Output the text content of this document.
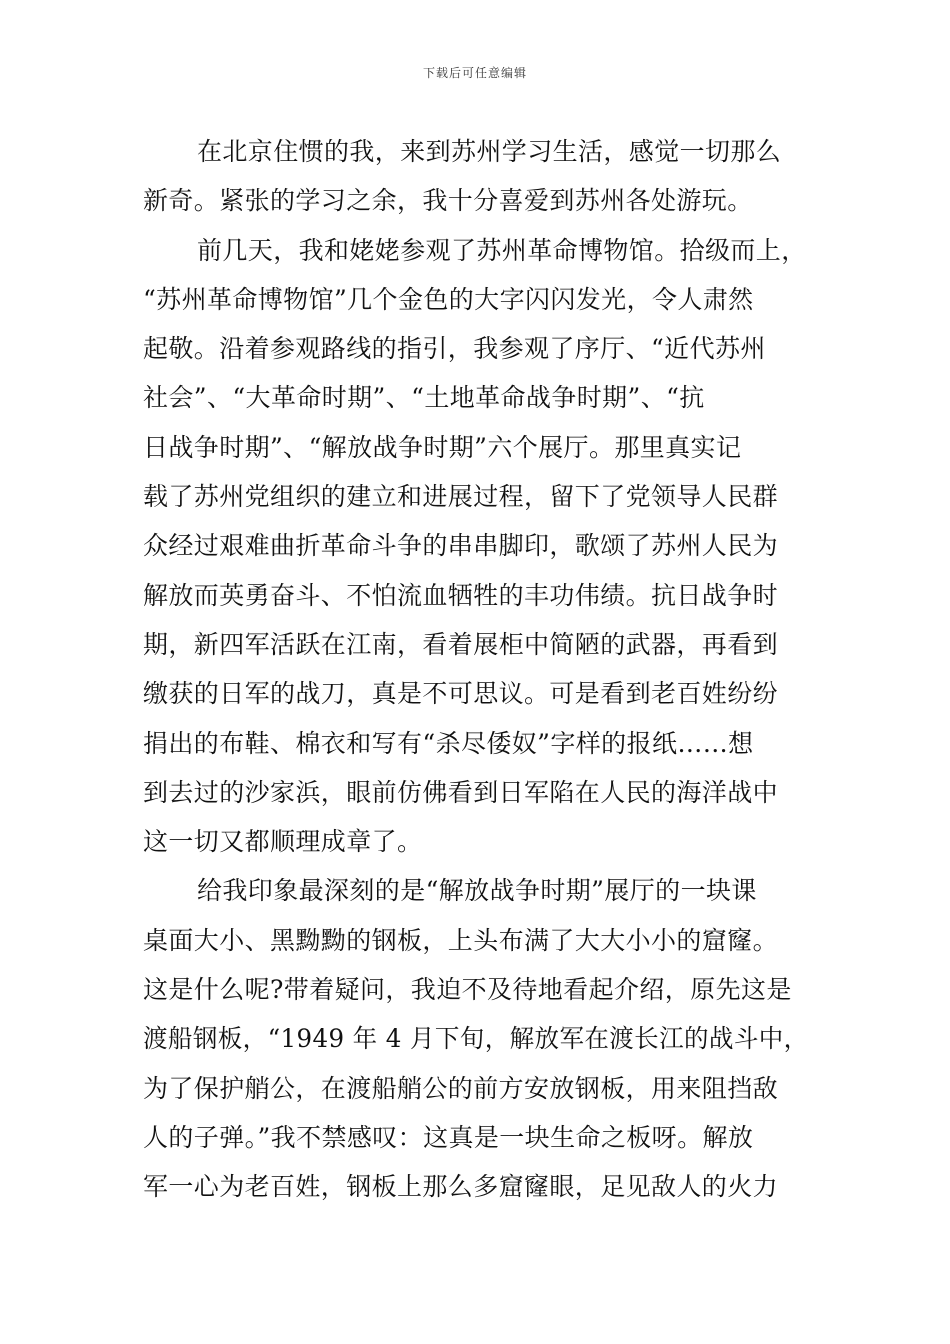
下载后可任意编辑
在北京住惯的我，来到苏州学习生活，感觉一切那么
新奇。紧张的学习之余，我十分喜爱到苏州各处游玩。
前几天，我和姥姥参观了苏州革命博物馆。拾级而上，
“苏州革命博物馆”几个金色的大字闪闪发光，令人肃然
起敬。沿着参观路线的指引，我参观了序厅、“近代苏州
社会”、“大革命时期”、“土地革命战争时期”、“抗
日战争时期”、“解放战争时期”六个展厅。那里真实记
载了苏州党组织的建立和进展过程，留下了党领导人民群
众经过艰难曲折革命斗争的串串脚印，歌颂了苏州人民为
解放而英勇奋斗、不怕流血牺牲的丰功伟绩。抗日战争时
期，新四军活跃在江南，看着展柜中简陋的武器，再看到
缴获的日军的战刀，真是不可思议。可是看到老百姓纷纷
捐出的布鞋、棉衣和写有“杀尽倭奴”字样的报纸……想
到去过的沙家浜，眼前仿佛看到日军陷在人民的海洋战中
这一切又都顺理成章了。
给我印象最深刻的是“解放战争时期”展厅的一块课
桌面大小、黑黝黝的钢板，上头布满了大大小小的窟窿。
这是什么呢?带着疑问，我迫不及待地看起介绍，原先这是
渡船钢板，“1949 年 4 月下旬，解放军在渡长江的战斗中，
为了保护艄公，在渡船艄公的前方安放钢板，用来阻挡敌
人的子弹。”我不禁感叹：这真是一块生命之板呀。解放
军一心为老百姓，钢板上那么多窟窿眼，足见敌人的火力
